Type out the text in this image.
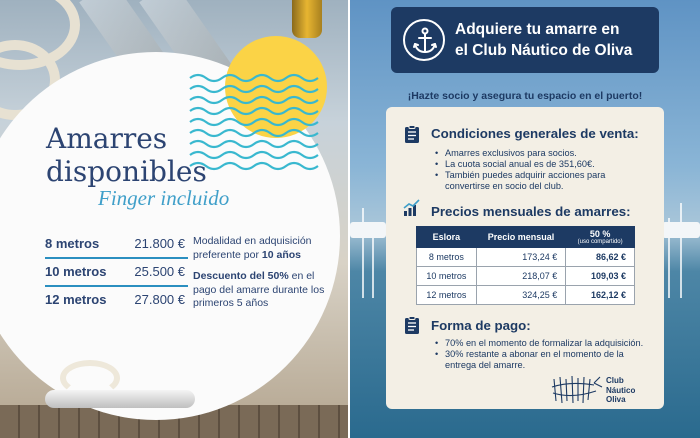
Amarres
disponibles
Finger incluido
8 metros	21.800 €
10 metros 25.500 €
12 metros 27.800 €
Modalidad en adquisición preferente por 10 años
Descuento del 50% en el pago del amarre durante los primeros 5 años
Adquiere tu amarre en
el Club Náutico de Oliva
¡Hazte socio y asegura tu espacio en el puerto!
Condiciones generales de venta:
• Amarres exclusivos para socios.
• La cuota social anual es de 351,60€.
• También puedes adquirir acciones para
convertirse en socio del club.
Precios mensuales de amarres:
Forma de pago:
• 70% en el momento de formalizar la adquisición.
• 30% restante a abonar en el momento de la
entrega del amarre.
Eslora	Precio mensual	50 %
(uso compartido)

8 metros	173,24 €	86,62 €
10 metros	218,07 €	109,03 €
12 metros	324,25 €	162,12 €
Club
Náutico
Oliva
